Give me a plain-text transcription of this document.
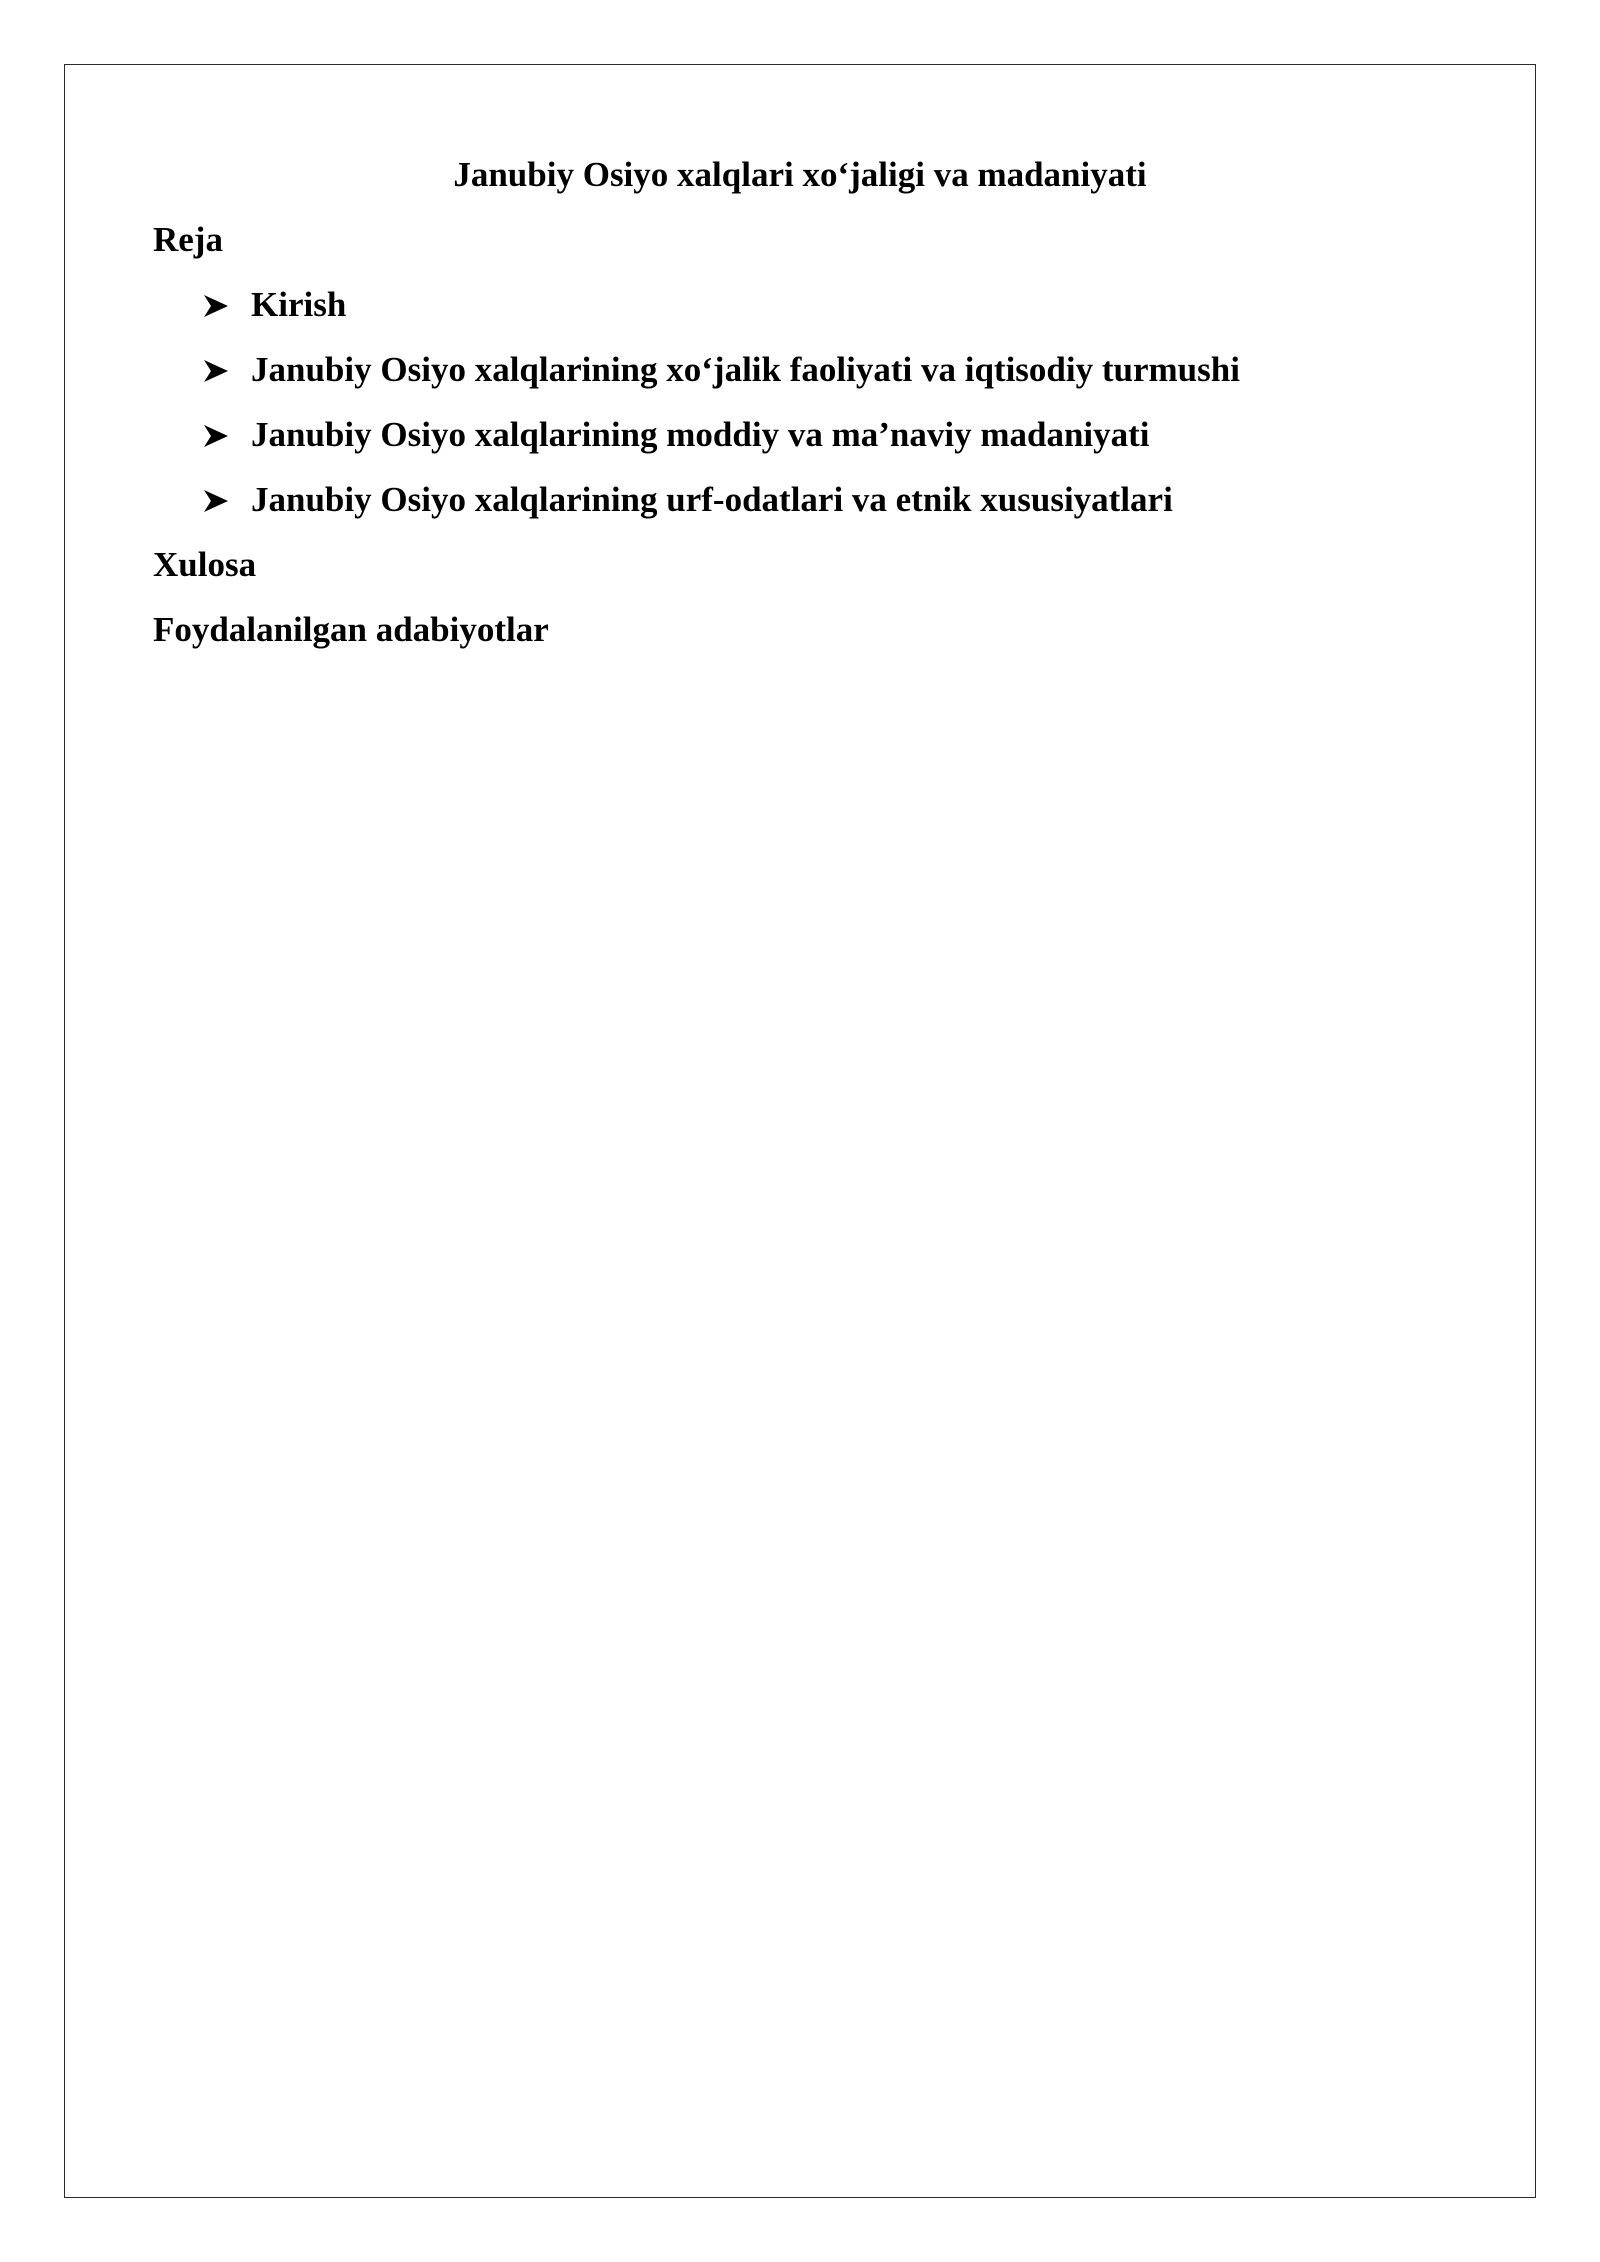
Janubiy Osiyo xalqlari xo‘jaligi va madaniyati

Reja

Kirish
Janubiy Osiyo xalqlarining xo‘jalik faoliyati va iqtisodiy turmushi
Janubiy Osiyo xalqlarining moddiy va ma’naviy madaniyati
Janubiy Osiyo xalqlarining urf-odatlari va etnik xususiyatlari

Xulosa

Foydalanilgan adabiyotlar
